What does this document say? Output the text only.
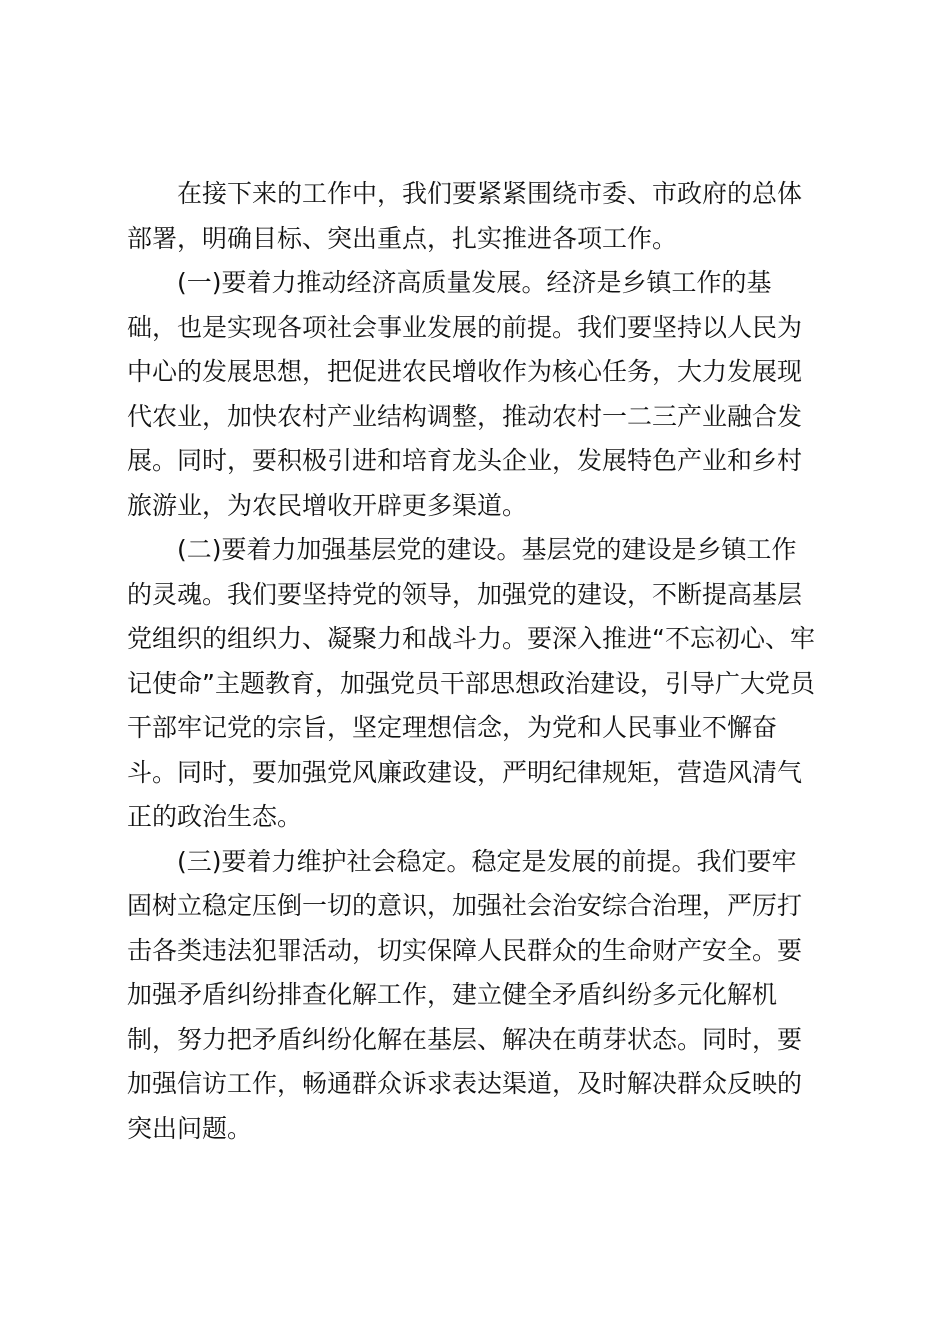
在接下来的工作中，我们要紧紧围绕市委、市政府的总体
部署，明确目标、突出重点，扎实推进各项工作。

(一)要着力推动经济高质量发展。经济是乡镇工作的基
础，也是实现各项社会事业发展的前提。我们要坚持以人民为
中心的发展思想，把促进农民增收作为核心任务，大力发展现
代农业，加快农村产业结构调整，推动农村一二三产业融合发
展。同时，要积极引进和培育龙头企业，发展特色产业和乡村
旅游业，为农民增收开辟更多渠道。

(二)要着力加强基层党的建设。基层党的建设是乡镇工作
的灵魂。我们要坚持党的领导，加强党的建设，不断提高基层
党组织的组织力、凝聚力和战斗力。要深入推进“不忘初心、牢
记使命”主题教育，加强党员干部思想政治建设，引导广大党员
干部牢记党的宗旨，坚定理想信念，为党和人民事业不懈奋
斗。同时，要加强党风廉政建设，严明纪律规矩，营造风清气
正的政治生态。

(三)要着力维护社会稳定。稳定是发展的前提。我们要牢
固树立稳定压倒一切的意识，加强社会治安综合治理，严厉打
击各类违法犯罪活动，切实保障人民群众的生命财产安全。要
加强矛盾纠纷排查化解工作，建立健全矛盾纠纷多元化解机
制，努力把矛盾纠纷化解在基层、解决在萌芽状态。同时，要
加强信访工作，畅通群众诉求表达渠道，及时解决群众反映的
突出问题。
